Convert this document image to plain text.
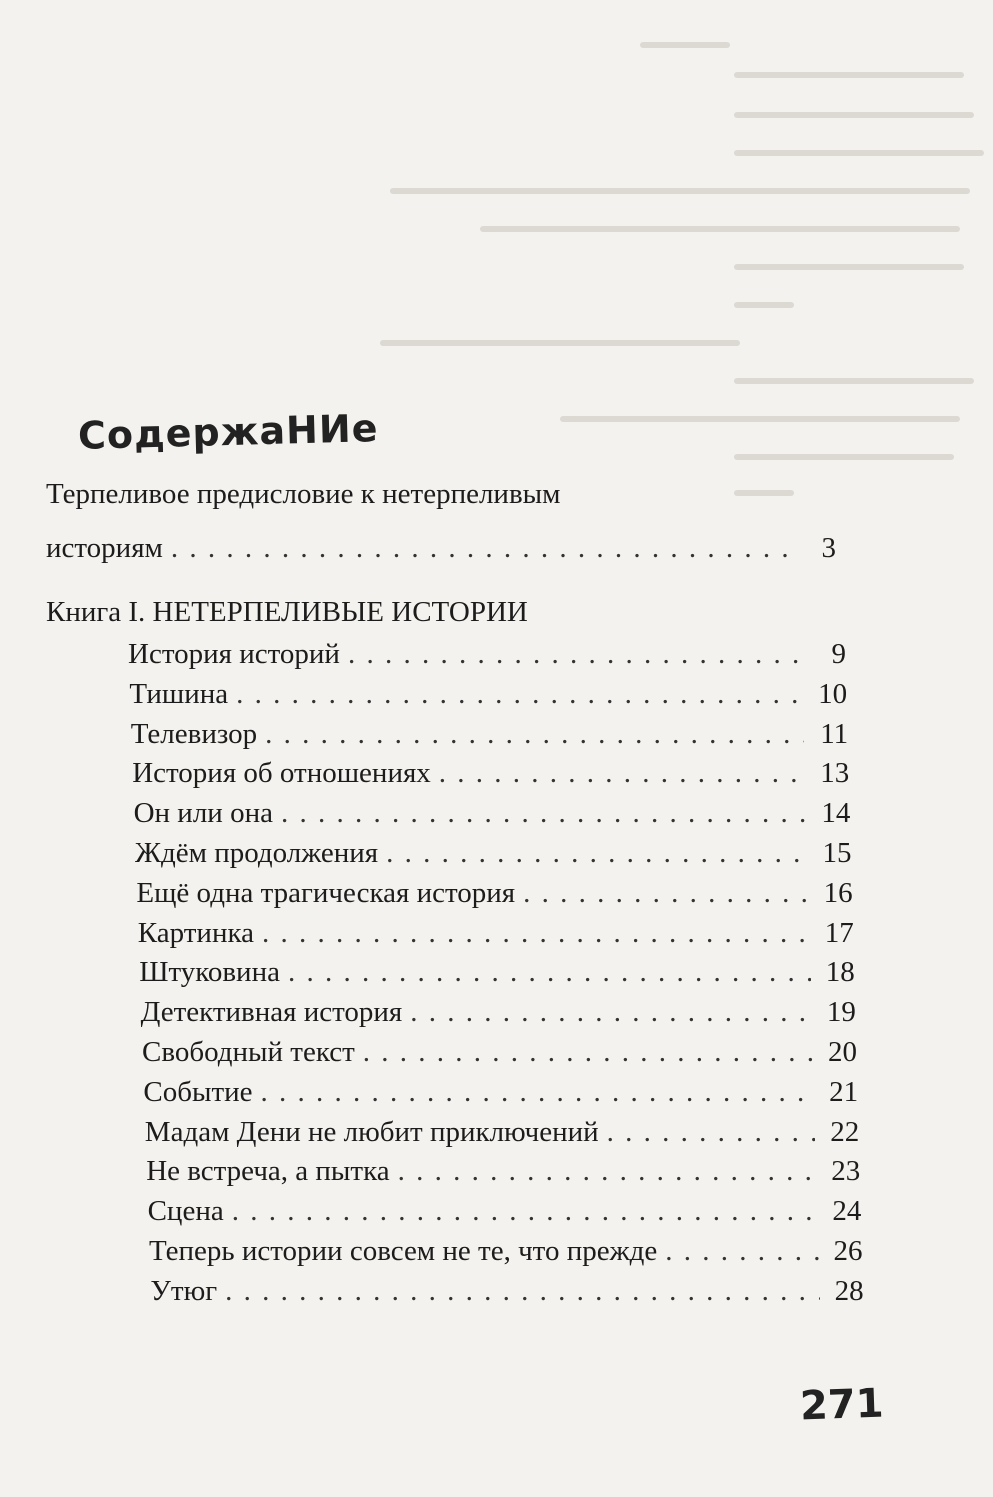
СодержаНИе
Терпеливое предисловие к нетерпеливым
историям . . .	3
Книга I. НЕТЕРПЕЛИВЫЕ ИСТОРИИ
История историй . . .	9
Тишина . . .	10
Телевизор . . .	11
История об отношениях . . .	13
Он или она . . .	14
Ждём продолжения . . .	15
Ещё одна трагическая история . . .	16
Картинка . . .	17
Штуковина . . .	18
Детективная история . . .	19
Свободный текст . . .	20
Событие . . .	21
Мадам Дени не любит приключений . . .	22
Не встреча, а пытка . . .	23
Сцена . . .	24
Теперь истории совсем не те, что прежде . . .	26
Утюг . . .	28
271
